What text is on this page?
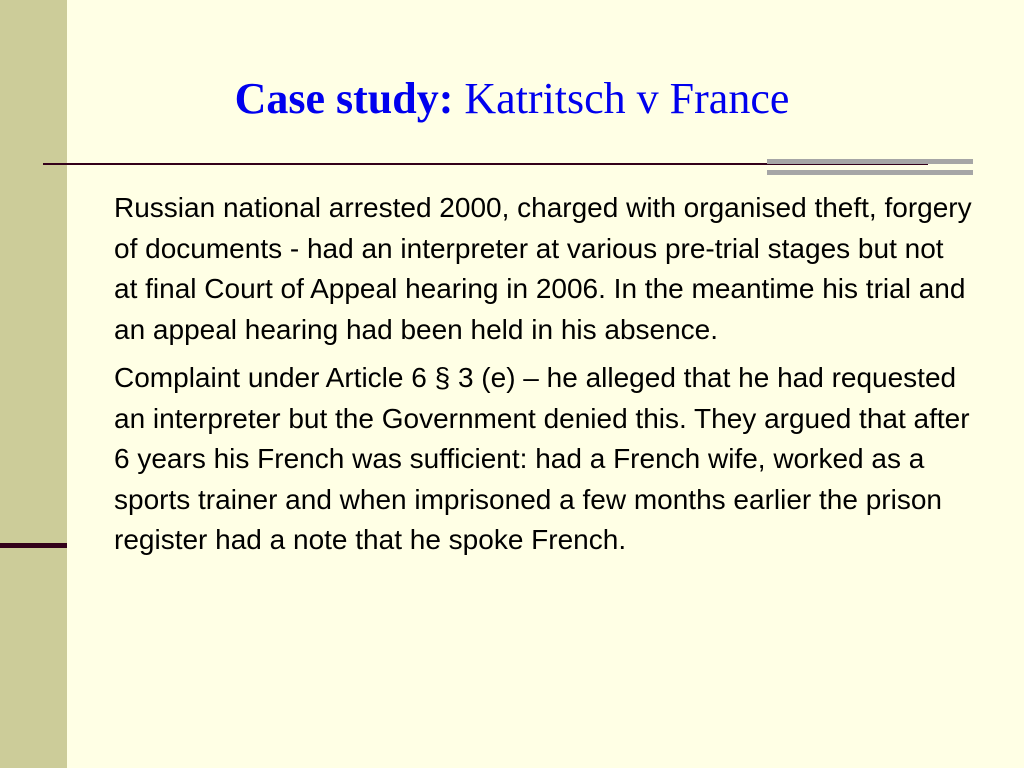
Case study: Katritsch v France

Russian national arrested 2000, charged with organised theft, forgery of documents - had an interpreter at various pre-trial stages but not at final Court of Appeal hearing in 2006. In the meantime his trial and an appeal hearing had been held in his absence.

Complaint under Article 6 § 3 (e) – he alleged that he had requested an interpreter but the Government denied this. They argued that after 6 years his French was sufficient: had a French wife, worked as a sports trainer and when imprisoned a few months earlier the prison register had a note that he spoke French.
